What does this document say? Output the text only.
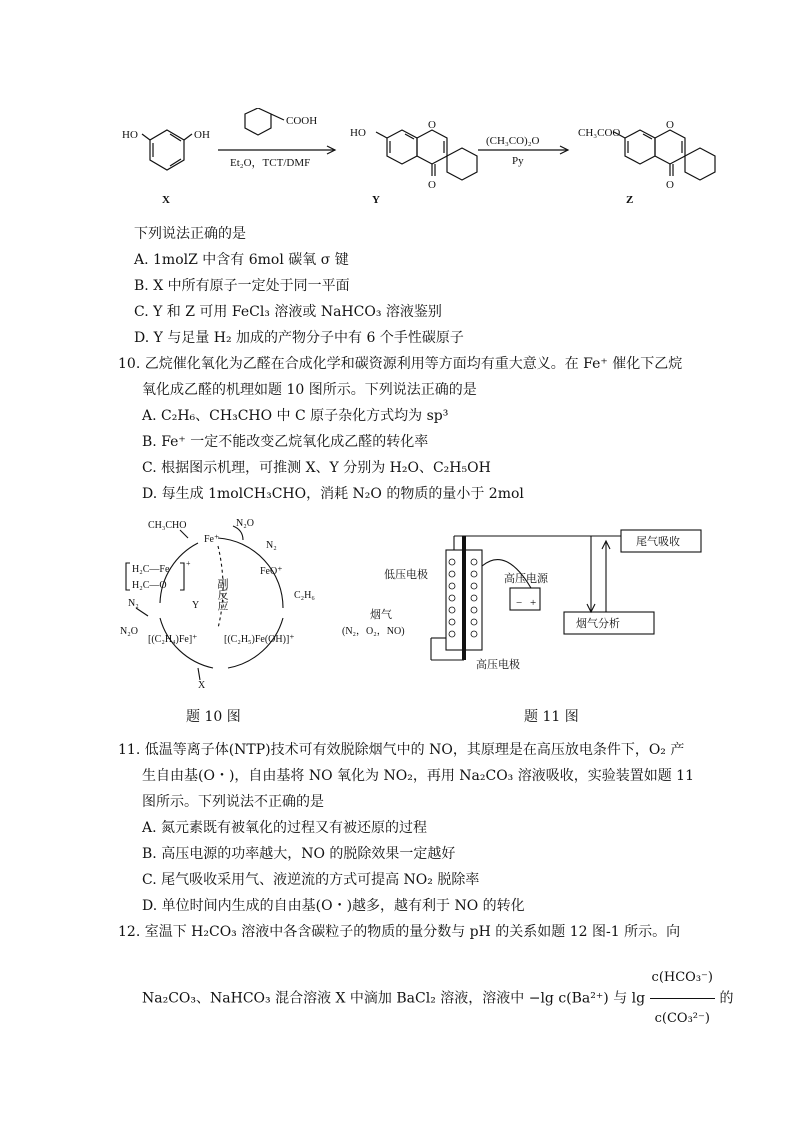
HO	OH
X
COOH
Et₂O，TCT/DMF
HO
O
O
Y
(CH₃CO)₂O
Py
CH₃COO
O
O
Z
下列说法正确的是
A. 1molZ 中含有 6mol 碳氧 σ 键
B. X 中所有原子一定处于同一平面
C. Y 和 Z 可用 FeCl₃ 溶液或 NaHCO₃ 溶液鉴别
D. Y 与足量 H₂ 加成的产物分子中有 6 个手性碳原子
10. 乙烷催化氧化为乙醛在合成化学和碳资源利用等方面均有重大意义。在 Fe⁺ 催化下乙烷
氧化成乙醛的机理如题 10 图所示。下列说法正确的是
A. C₂H₆、CH₃CHO 中 C 原子杂化方式均为 sp³
B. Fe⁺ 一定不能改变乙烷氧化成乙醛的转化率
C. 根据图示机理，可推测 X、Y 分别为 H₂O、C₂H₅OH
D. 每生成 1molCH₃CHO，消耗 N₂O 的物质的量小于 2mol
CH₃CHO	N₂O
Fe⁺
N₂
FeO⁺
C₂H₆
副反应
Y
N₂
N₂O
[(C₂H₄)Fe]⁺	[(C₂H₅)Fe(OH)]⁺
X
H₂C—Fe
H₂C—O
+
题 10 图
尾气吸收
低压电极	高压电源
− +
烟气
(N₂，O₂，NO)
烟气分析
高压电极
题 11 图
11. 低温等离子体(NTP)技术可有效脱除烟气中的 NO，其原理是在高压放电条件下，O₂ 产
生自由基(O・)，自由基将 NO 氧化为 NO₂，再用 Na₂CO₃ 溶液吸收，实验装置如题 11
图所示。下列说法不正确的是
A. 氮元素既有被氧化的过程又有被还原的过程
B. 高压电源的功率越大，NO 的脱除效果一定越好
C. 尾气吸收采用气、液逆流的方式可提高 NO₂ 脱除率
D. 单位时间内生成的自由基(O・)越多，越有利于 NO 的转化
12. 室温下 H₂CO₃ 溶液中各含碳粒子的物质的量分数与 pH 的关系如题 12 图-1 所示。向
Na₂CO₃、NaHCO₃ 混合溶液 X 中滴加 BaCl₂ 溶液，溶液中 −lg c(Ba²⁺) 与 $\lg \frac{\text{c(HCO₃⁻)}}{\text{c(CO₃²⁻)}}$ 的
